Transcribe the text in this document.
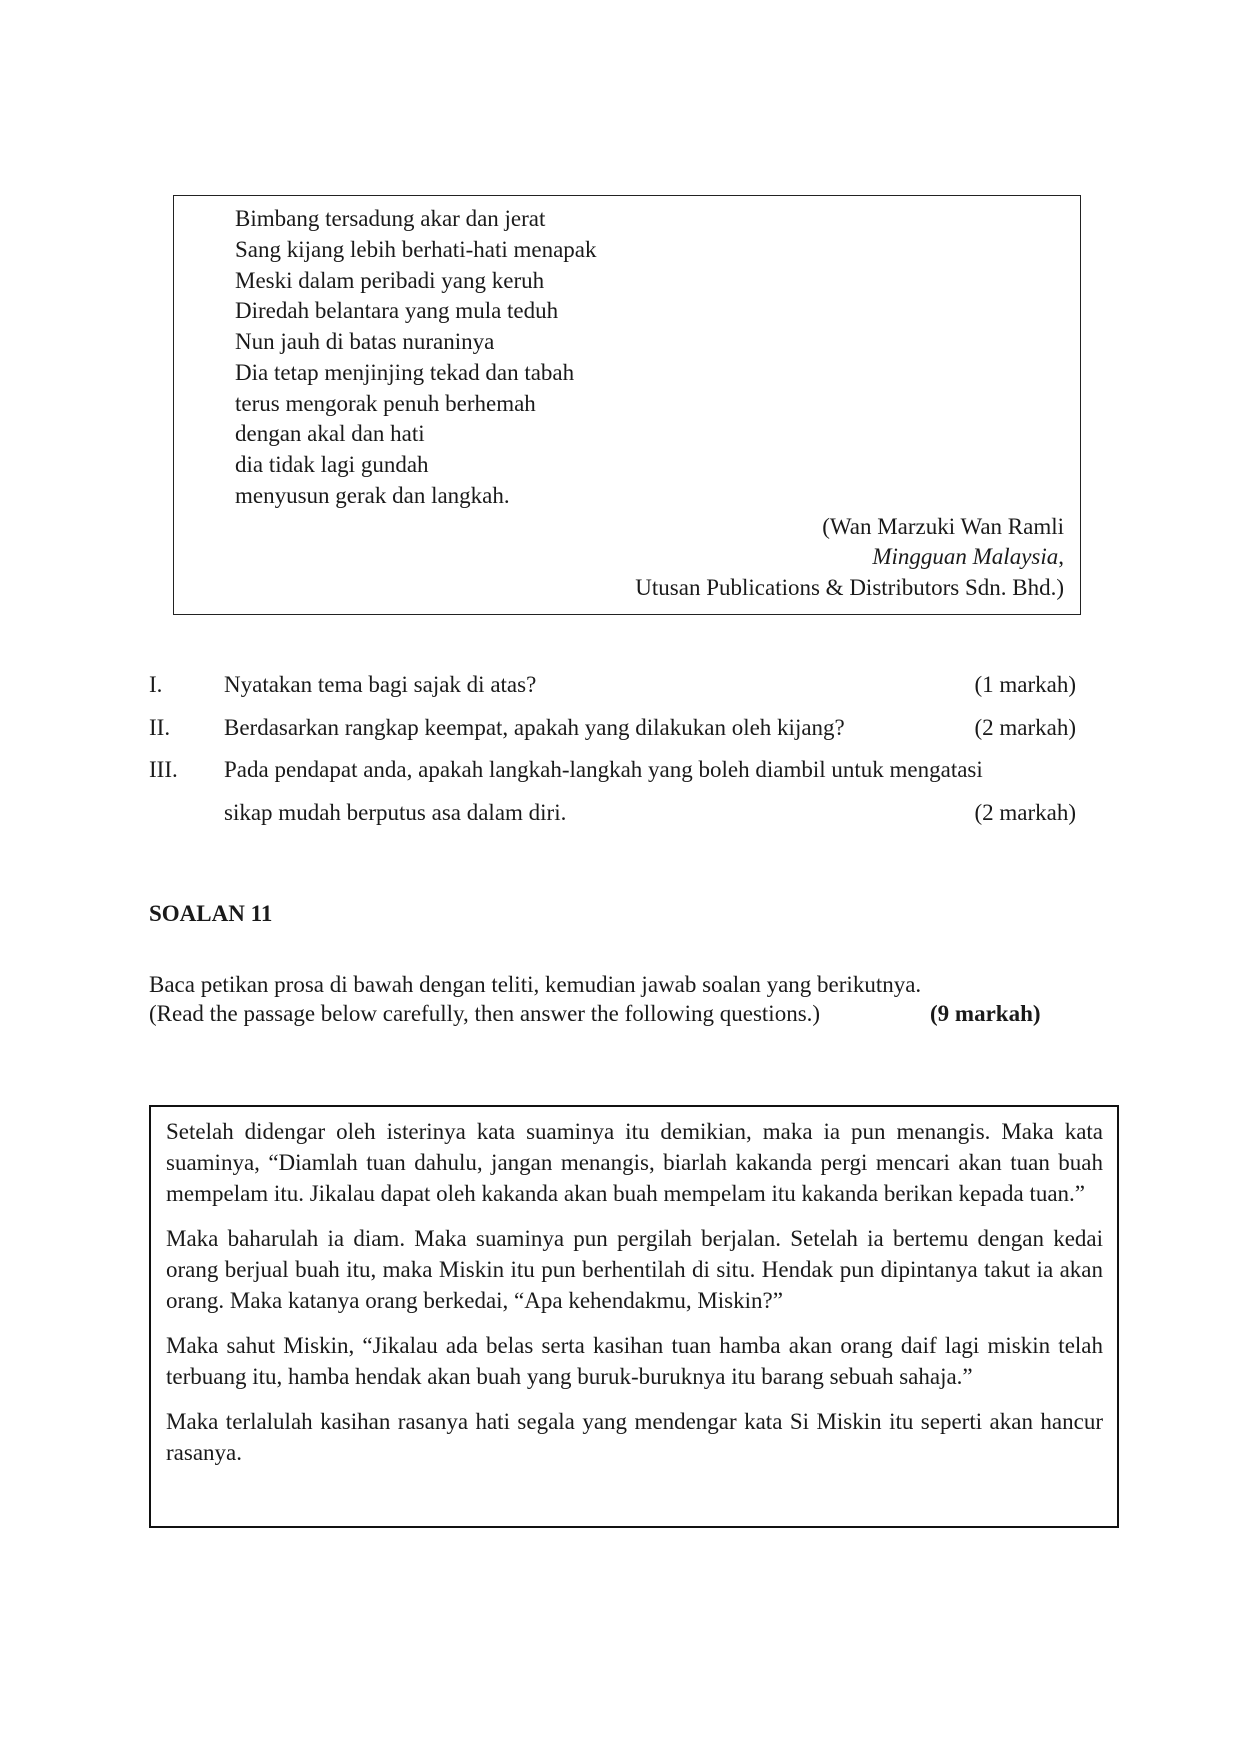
Bimbang tersadung akar dan jerat
Sang kijang lebih berhati-hati menapak
Meski dalam peribadi yang keruh
Diredah belantara yang mula teduh
Nun jauh di batas nuraninya
Dia tetap menjinjing tekad dan tabah
terus mengorak penuh berhemah
dengan akal dan hati
dia tidak lagi gundah
menyusun gerak dan langkah.
(Wan Marzuki Wan Ramli
Mingguan Malaysia,
Utusan Publications & Distributors Sdn. Bhd.)
I.	Nyatakan tema bagi sajak di atas?	(1 markah)
II. Berdasarkan rangkap keempat, apakah yang dilakukan oleh kijang?	(2 markah)
III. Pada pendapat anda, apakah langkah-langkah yang boleh diambil untuk mengatasi
sikap mudah berputus asa dalam diri.	(2 markah)
SOALAN 11
Baca petikan prosa di bawah dengan teliti, kemudian jawab soalan yang berikutnya.
(Read the passage below carefully, then answer the following questions.)	(9 markah)

Setelah didengar oleh isterinya kata suaminya itu demikian, maka ia pun menangis. Maka kata suaminya, “Diamlah tuan dahulu, jangan menangis, biarlah kakanda pergi mencari akan tuan buah mempelam itu. Jikalau dapat oleh kakanda akan buah mempelam itu kakanda berikan kepada tuan.”

Maka baharulah ia diam. Maka suaminya pun pergilah berjalan. Setelah ia bertemu dengan kedai orang berjual buah itu, maka Miskin itu pun berhentilah di situ. Hendak pun dipintanya takut ia akan orang. Maka katanya orang berkedai, “Apa kehendakmu, Miskin?”

Maka sahut Miskin, “Jikalau ada belas serta kasihan tuan hamba akan orang daif lagi miskin telah terbuang itu, hamba hendak akan buah yang buruk-buruknya itu barang sebuah sahaja.”

Maka terlalulah kasihan rasanya hati segala yang mendengar kata Si Miskin itu seperti akan hancur rasanya.
